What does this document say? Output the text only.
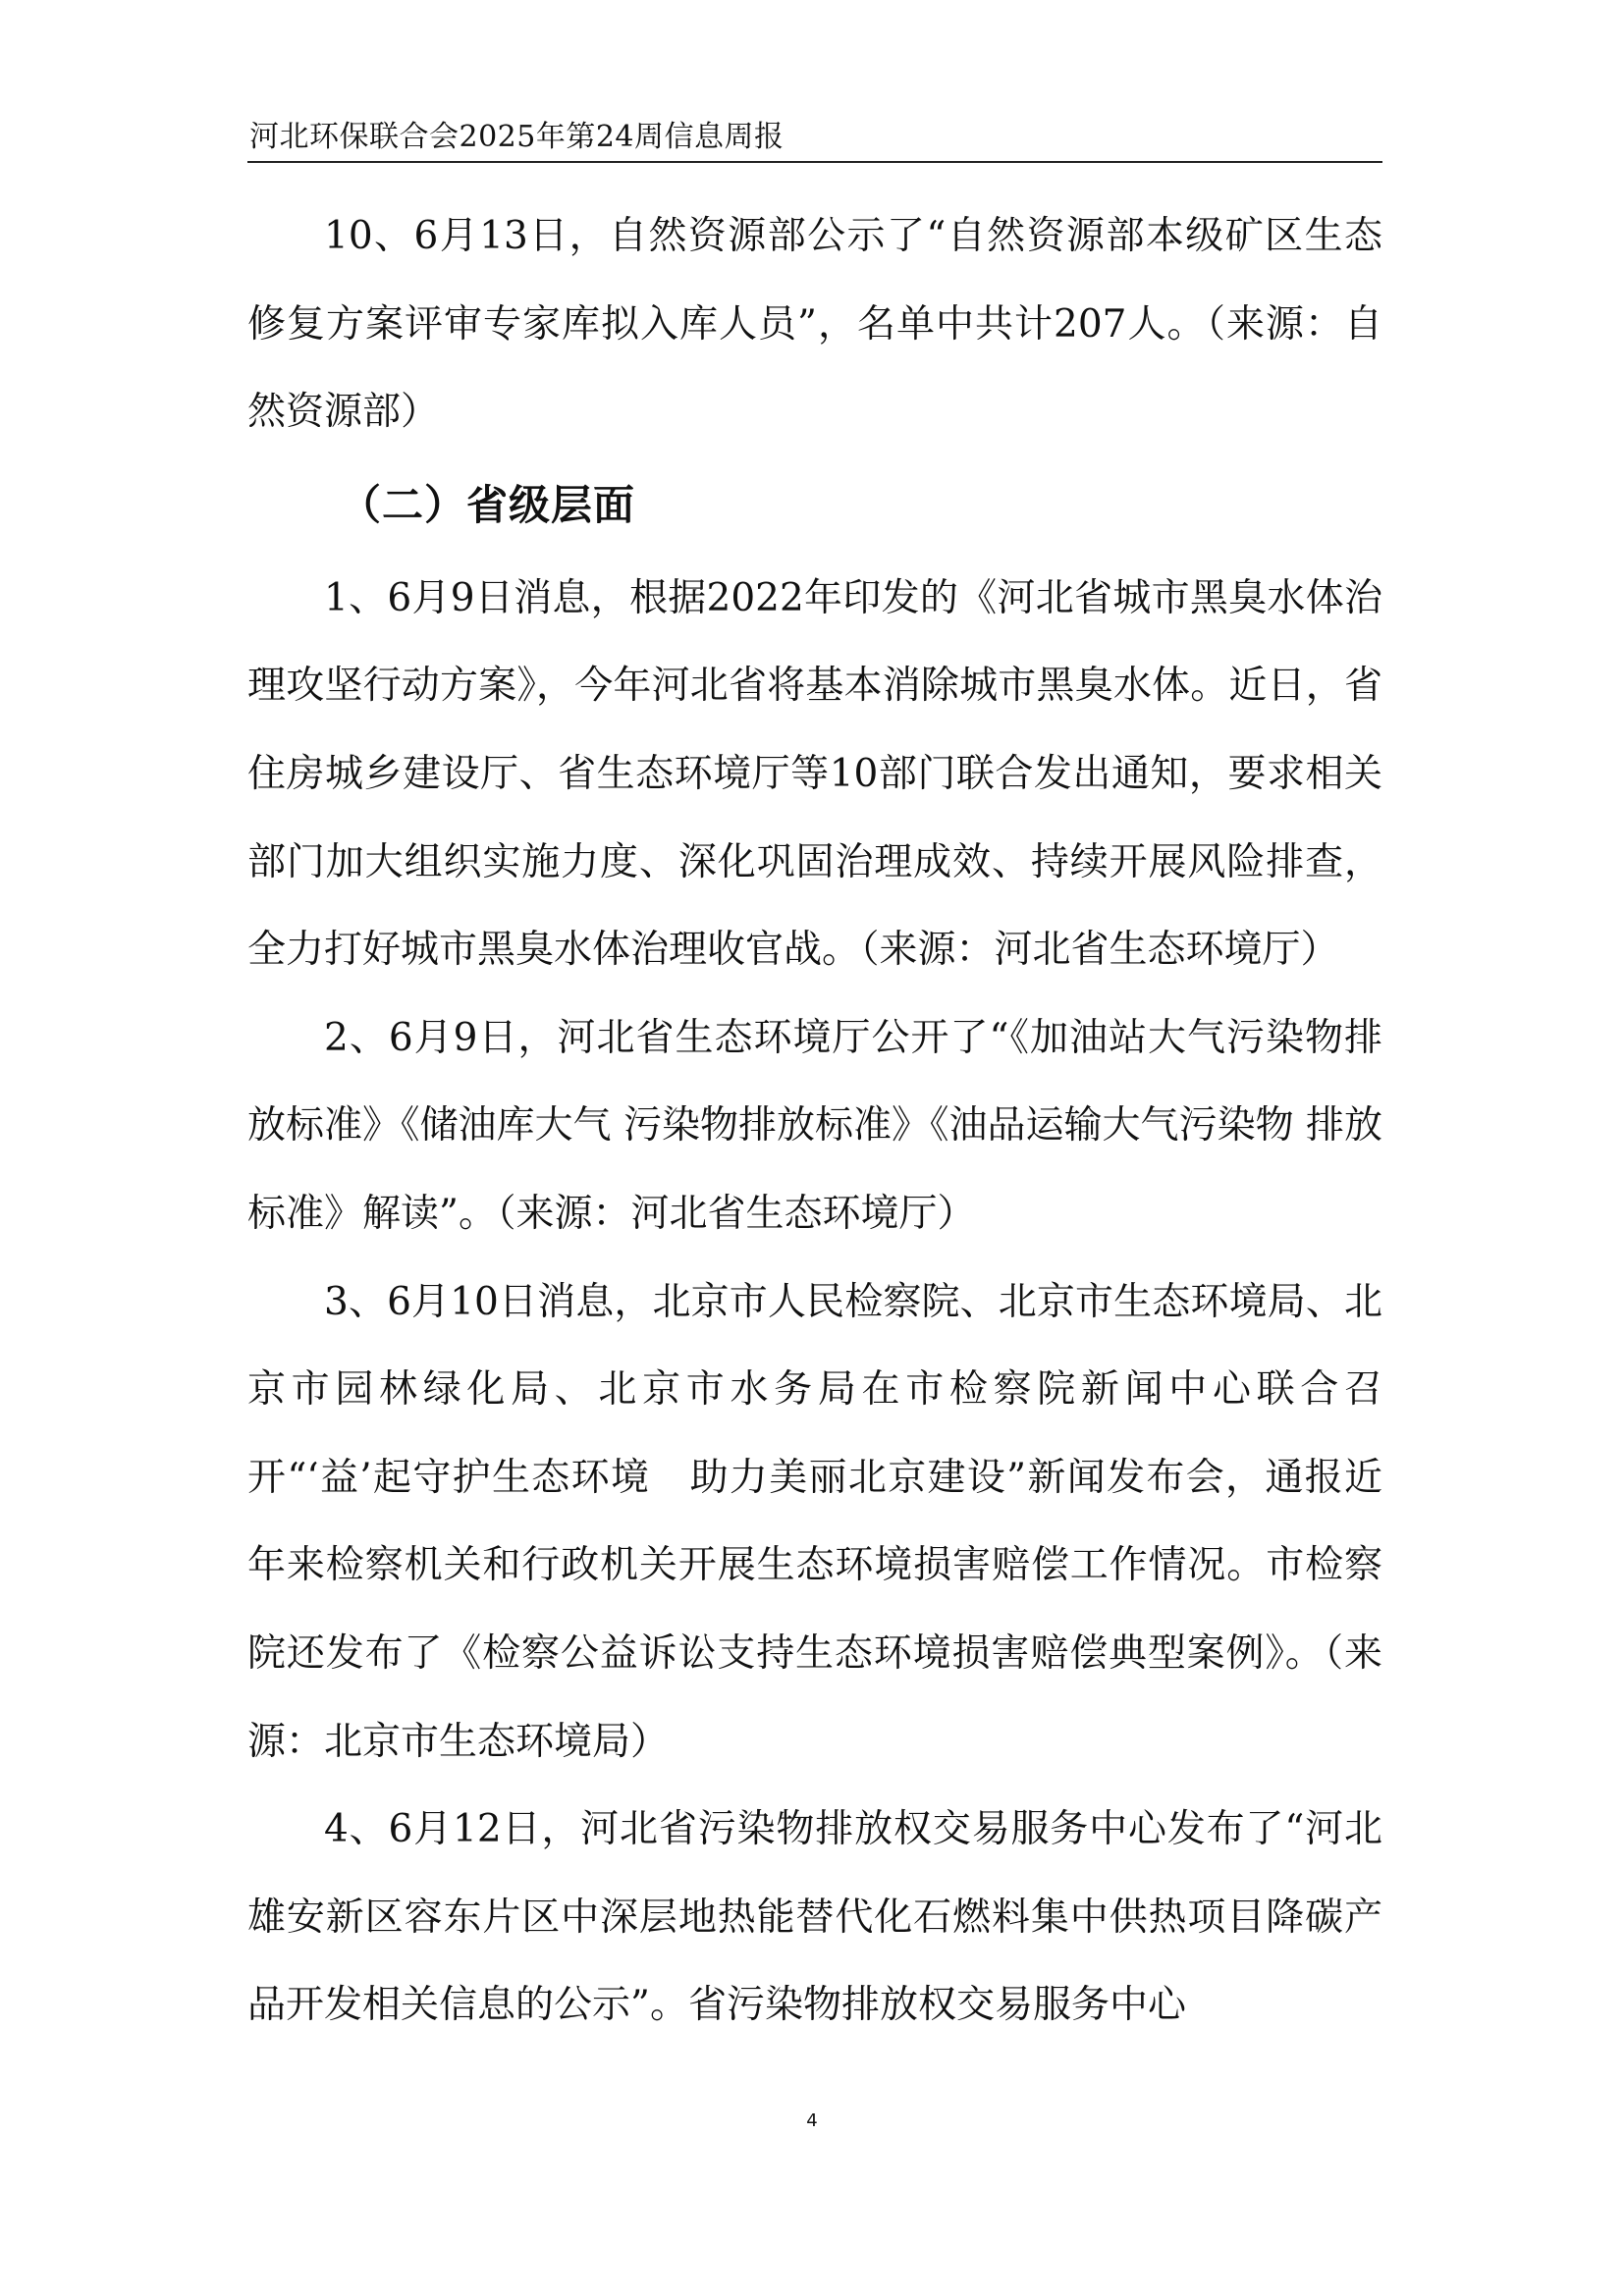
河北环保联合会2025年第24周信息周报

10、6月13日，自然资源部公示了“自然资源部本级矿区生态修复方案评审专家库拟入库人员”，名单中共计207人。（来源：自然资源部）

（二）省级层面

1、6月9日消息，根据2022年印发的《河北省城市黑臭水体治理攻坚行动方案》，今年河北省将基本消除城市黑臭水体。近日，省住房城乡建设厅、省生态环境厅等10部门联合发出通知，要求相关部门加大组织实施力度、深化巩固治理成效、持续开展风险排查，全力打好城市黑臭水体治理收官战。（来源：河北省生态环境厅）

2、6月9日，河北省生态环境厅公开了“《加油站大气污染物排放标准》《储油库大气 污染物排放标准》《油品运输大气污染物 排放标准》解读”。（来源：河北省生态环境厅）

3、6月10日消息，北京市人民检察院、北京市生态环境局、北京市园林绿化局、北京市水务局在市检察院新闻中心联合召开“‘益’起守护生态环境　助力美丽北京建设”新闻发布会，通报近年来检察机关和行政机关开展生态环境损害赔偿工作情况。市检察院还发布了《检察公益诉讼支持生态环境损害赔偿典型案例》。（来源：北京市生态环境局）

4、6月12日，河北省污染物排放权交易服务中心发布了“河北雄安新区容东片区中深层地热能替代化石燃料集中供热项目降碳产品开发相关信息的公示”。省污染物排放权交易服务中心

4
